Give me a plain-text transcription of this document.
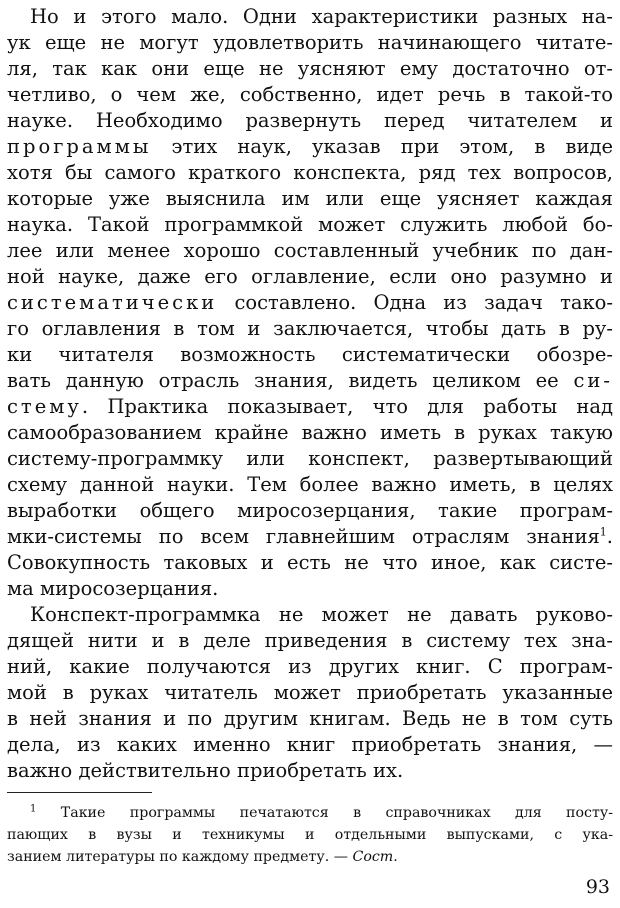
Но и этого мало. Одни характеристики разных на-
ук еще не могут удовлетворить начинающего читате-
ля, так как они еще не уясняют ему достаточно от-
четливо, о чем же, собственно, идет речь в такой-то
науке. Необходимо развернуть перед читателем и
программы этих наук, указав при этом, в виде
хотя бы самого краткого конспекта, ряд тех вопросов,
которые уже выяснила им или еще уясняет каждая
наука. Такой программкой может служить любой бо-
лее или менее хорошо составленный учебник по дан-
ной науке, даже его оглавление, если оно разумно и
систематически составлено. Одна из задач тако-
го оглавления в том и заключается, чтобы дать в ру-
ки читателя возможность систематически обозре-
вать данную отрасль знания, видеть целиком ее си-
стему. Практика показывает, что для работы над
самообразованием крайне важно иметь в руках такую
систему-программку или конспект, развертывающий
схему данной науки. Тем более важно иметь, в целях
выработки общего миросозерцания, такие програм-
мки-системы по всем главнейшим отраслям знания$^1$.
Совокупность таковых и есть не что иное, как систе-
ма миросозерцания.
Конспект-программка не может не давать руково-
дящей нити и в деле приведения в систему тех зна-
ний, какие получаются из других книг. С програм-
мой в руках читатель может приобретать указанные
в ней знания и по другим книгам. Ведь не в том суть
дела, из каких именно книг приобретать знания, —
важно действительно приобретать их.
$^1$ Такие программы печатаются в справочниках для посту-
пающих в вузы и техникумы и отдельными выпусками, с ука-
занием литературы по каждому предмету. — Сост.
93
